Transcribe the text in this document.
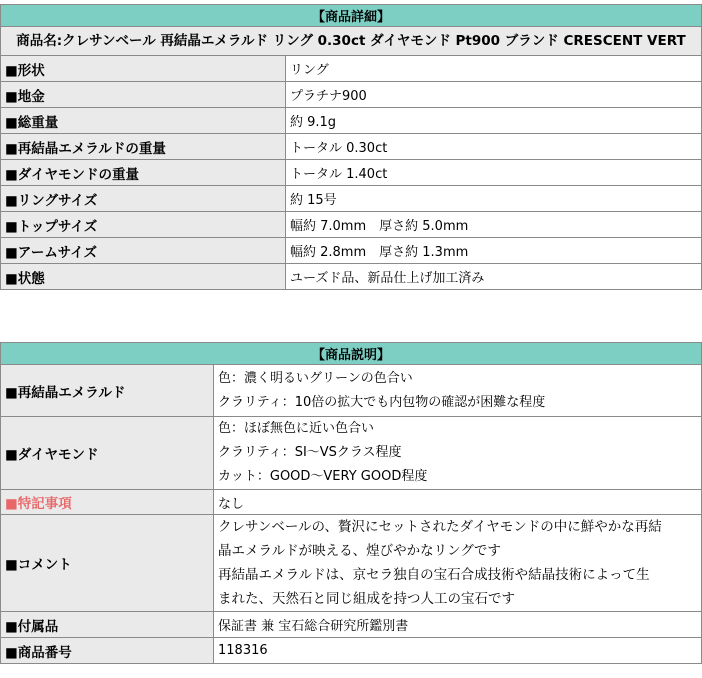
【商品詳細】	
商品名:クレサンベール 再結晶エメラルド リング 0.30ct ダイヤモンド Pt900 ブランド CRESCENT VERT	
■形状	リング
■地金	プラチナ900
■総重量	約 9.1g
■再結晶エメラルドの重量	トータル 0.30ct
■ダイヤモンドの重量	トータル 1.40ct
■リングサイズ	約 15号
■トップサイズ	幅約 7.0mm　厚さ約 5.0mm
■アームサイズ	幅約 2.8mm　厚さ約 1.3mm
■状態	ユーズド品、新品仕上げ加工済み
【商品説明】	
■再結晶エメラルド	色：濃く明るいグリーンの色合い
クラリティ：10倍の拡大でも内包物の確認が困難な程度

■ダイヤモンド	色：ほぼ無色に近い色合い
クラリティ：SI～VSクラス程度
カット：GOOD～VERY GOOD程度

■特記事項	なし
■コメント	クレサンベールの、贅沢にセットされたダイヤモンドの中に鮮やかな再結
晶エメラルドが映える、煌びやかなリングです
再結晶エメラルドは、京セラ独自の宝石合成技術や結晶技術によって生
まれた、天然石と同じ組成を持つ人工の宝石です

■付属品	保証書 兼 宝石総合研究所鑑別書
■商品番号	118316
